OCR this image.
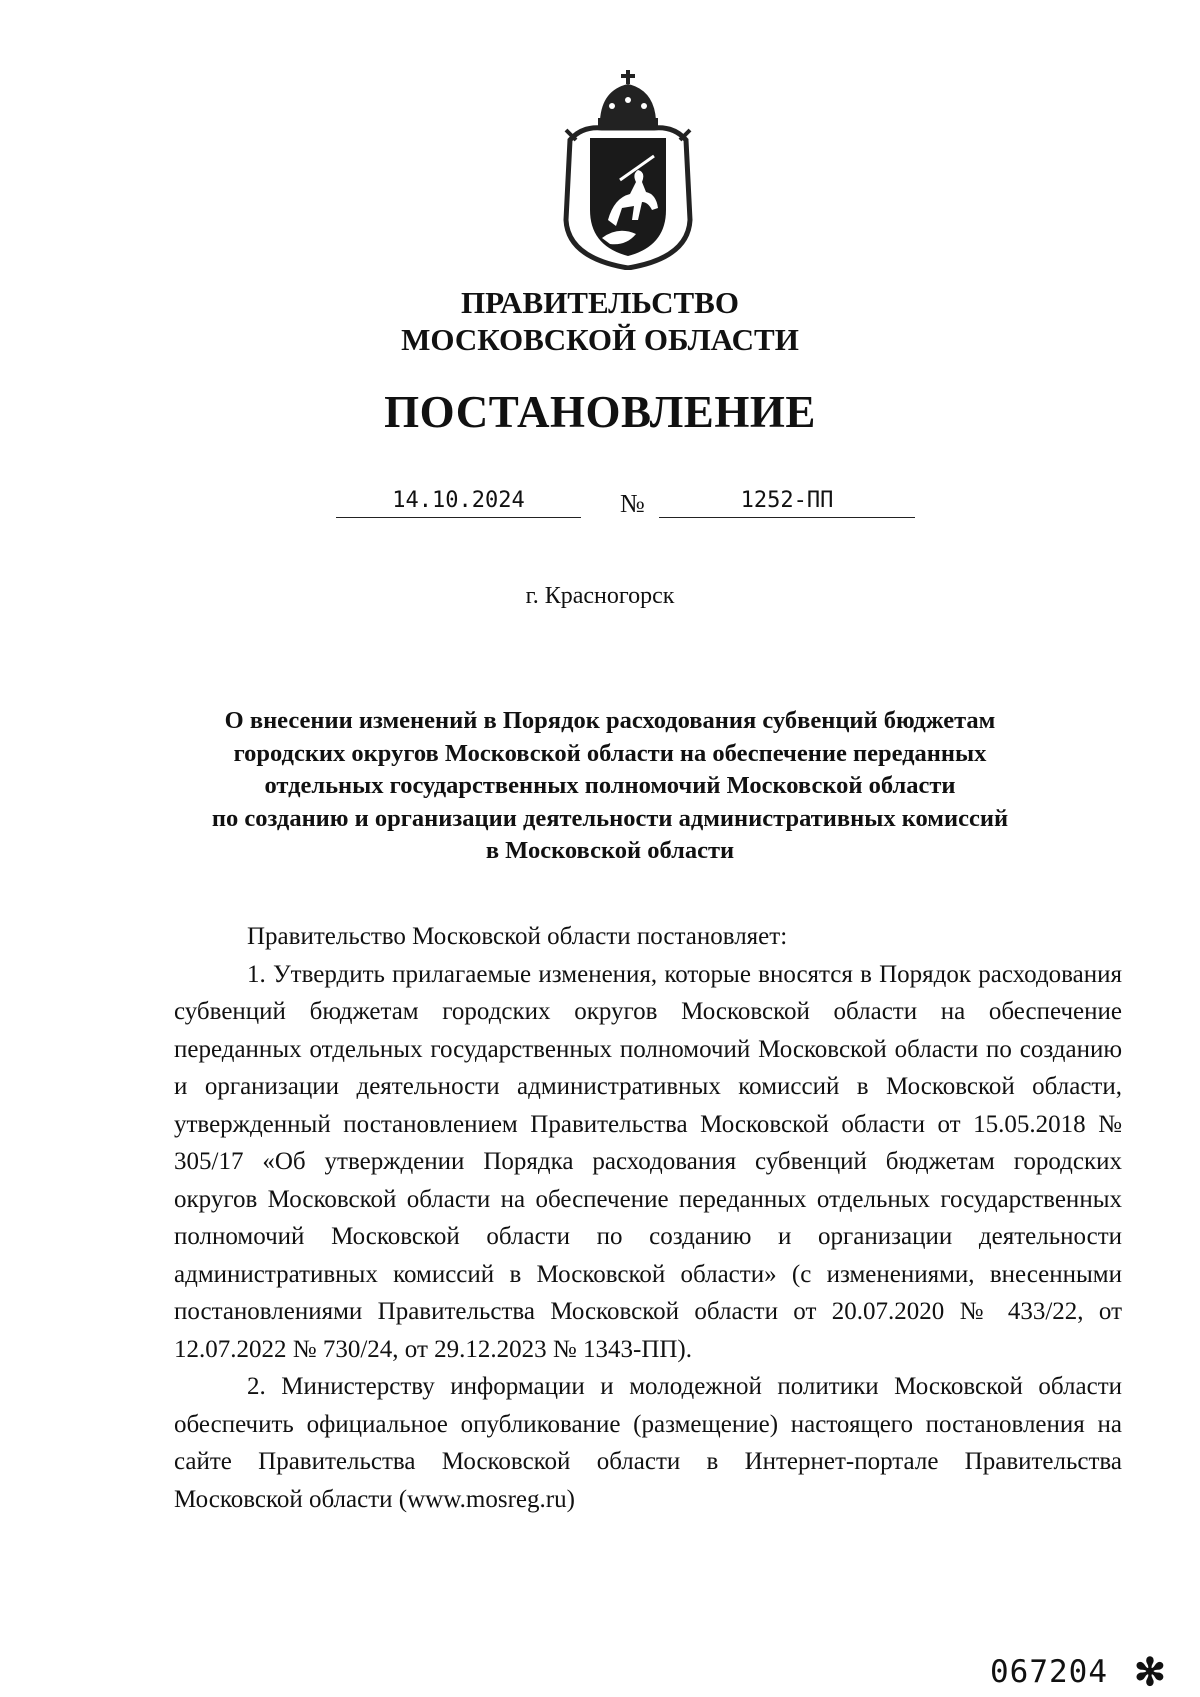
ПРАВИТЕЛЬСТВО
МОСКОВСКОЙ ОБЛАСТИ
ПОСТАНОВЛЕНИЕ
14.10.2024	№	1252-ПП
г. Красногорск
О внесении изменений в Порядок расходования субвенций бюджетам
городских округов Московской области на обеспечение переданных
отдельных государственных полномочий Московской области
по созданию и организации деятельности административных комиссий
в Московской области

Правительство Московской области постановляет:

1. Утвердить прилагаемые изменения, которые вносятся в Порядок расходования субвенций бюджетам городских округов Московской области на обеспечение переданных отдельных государственных полномочий Московской области по созданию и организации деятельности административных комиссий в Московской области, утвержденный постановлением Правительства Московской области от 15.05.2018 № 305/17 «Об утверждении Порядка расходования субвенций бюджетам городских округов Московской области на обеспечение переданных отдельных государственных полномочий Московской области по созданию и организации деятельности административных комиссий в Московской области» (с изменениями, внесенными постановлениями Правительства Московской области от 20.07.2020 № 433/22, от 12.07.2022 № 730/24, от 29.12.2023 № 1343-ПП).

2. Министерству информации и молодежной политики Московской области обеспечить официальное опубликование (размещение) настоящего постановления на сайте Правительства Московской области в Интернет-портале Правительства Московской области (www.mosreg.ru)

067204 ✻
